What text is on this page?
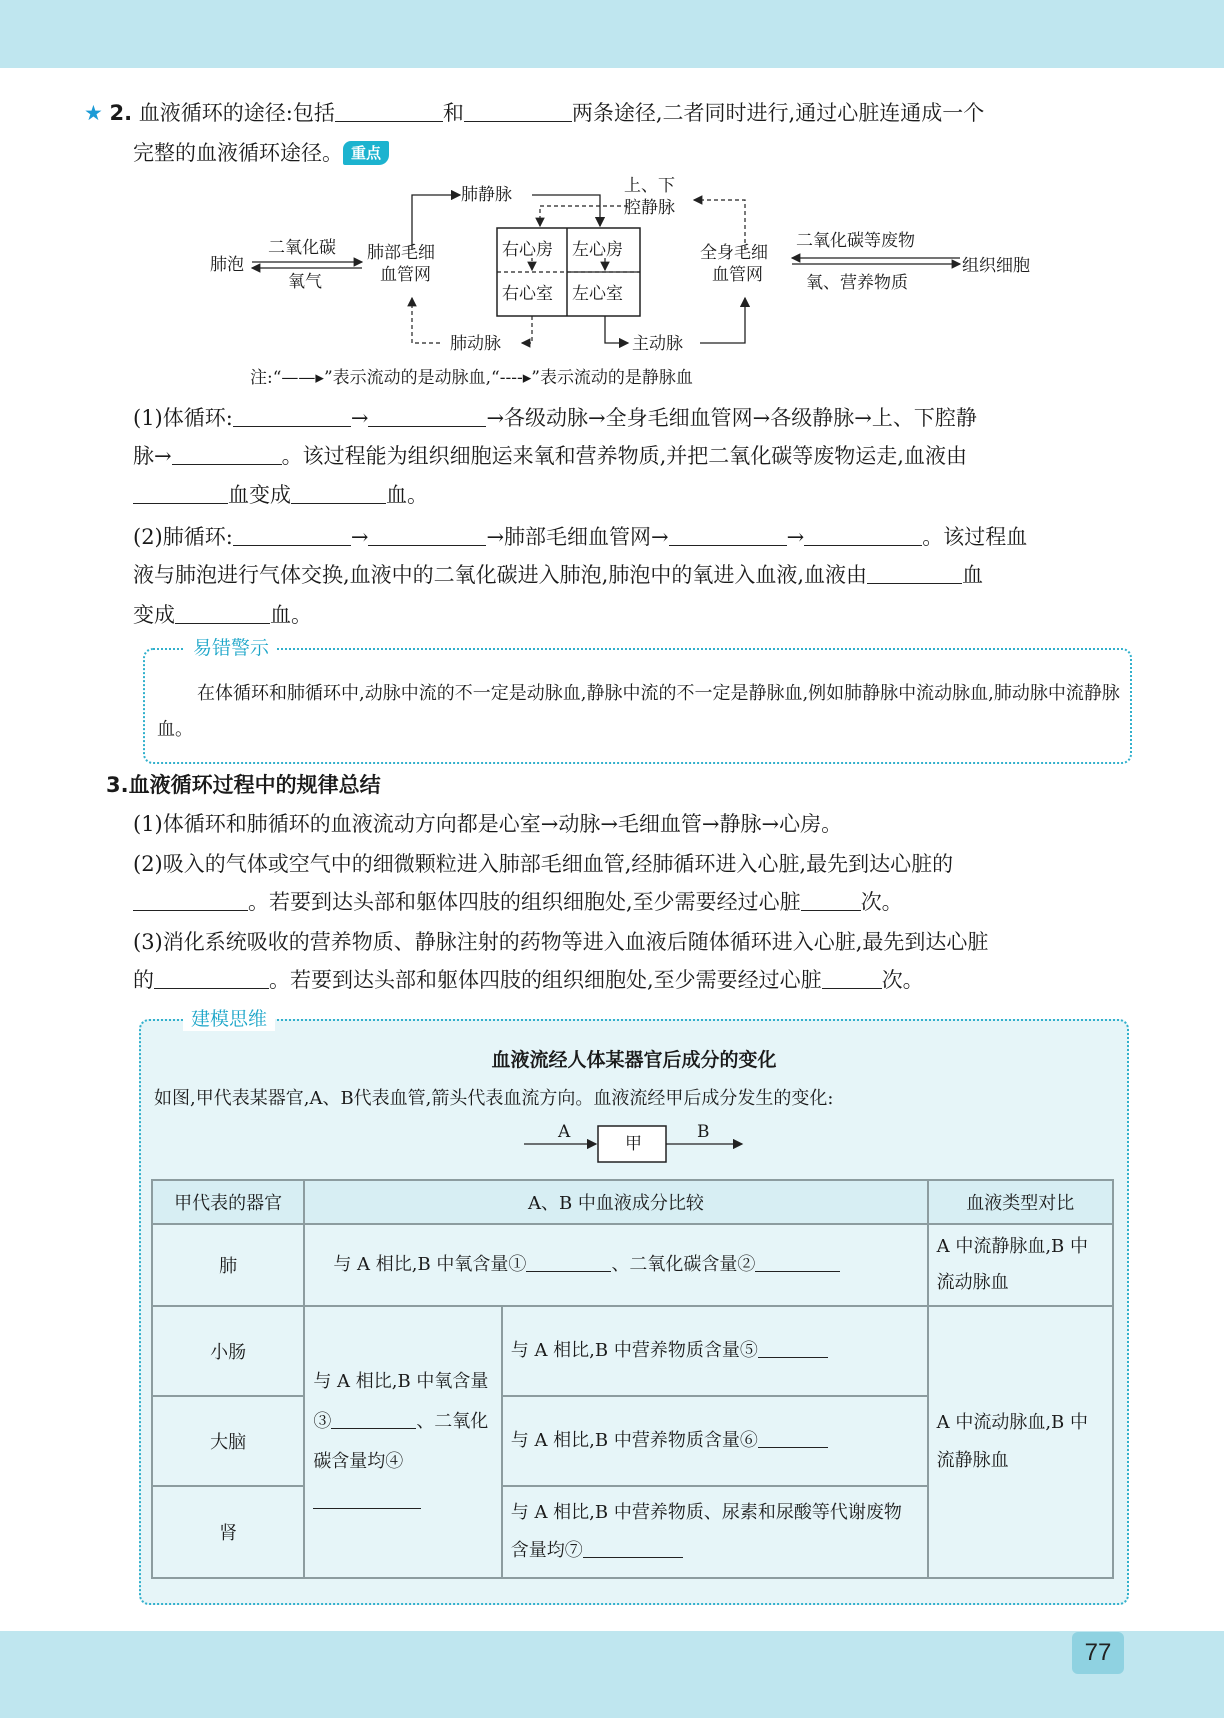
★ 2. 血液循环的途径:包括	和	两条途径,二者同时进行,通过心脏连通成一个
完整的血液循环途径。 重点
肺静脉	上、下
腔静脉
右心房 左心房
右心室 左心室
肺泡
二氧化碳
氧气
肺部毛细
血管网
肺动脉	主动脉
全身毛细
血管网
二氧化碳等废物
氧、营养物质
组织细胞
注:“——▸”表示流动的是动脉血,“----▸”表示流动的是静脉血
(1)体循环:	→	→各级动脉→全身毛细血管网→各级静脉→上、下腔静
脉→	。该过程能为组织细胞运来氧和营养物质,并把二氧化碳等废物运走,血液由
血变成	血。
(2)肺循环:	→	→肺部毛细血管网→	→	。该过程血
液与肺泡进行气体交换,血液中的二氧化碳进入肺泡,肺泡中的氧进入血液,血液由	血
变成	血。
易错警示
在体循环和肺循环中,动脉中流的不一定是动脉血,静脉中流的不一定是静脉血,例如肺静脉中流动脉血,肺动脉中流静脉血。
3.血液循环过程中的规律总结
(1)体循环和肺循环的血液流动方向都是心室→动脉→毛细血管→静脉→心房。
(2)吸入的气体或空气中的细微颗粒进入肺部毛细血管,经肺循环进入心脏,最先到达心脏的
。若要到达头部和躯体四肢的组织细胞处,至少需要经过心脏	次。
(3)消化系统吸收的营养物质、静脉注射的药物等进入血液后随体循环进入心脏,最先到达心脏
的	。若要到达头部和躯体四肢的组织细胞处,至少需要经过心脏	次。
建模思维
血液流经人体某器官后成分的变化
如图,甲代表某器官,A、B代表血管,箭头代表血流方向。血液流经甲后成分发生的变化:
A
甲
B
甲代表的器官	A、B 中血液成分比较		血液类型对比
肺	与 A 相比,B 中氧含量① 、二氧化碳含量②		A 中流静脉血,B 中流动脉血
小肠	与 A 相比,B 中氧含量③ 、二氧化碳含量均④	与 A 相比,B 中营养物质含量⑤	A 中流动脉血,B 中流静脉血
大脑		与 A 相比,B 中营养物质含量⑥	
肾		与 A 相比,B 中营养物质、尿素和尿酸等代谢废物含量均⑦	
77
